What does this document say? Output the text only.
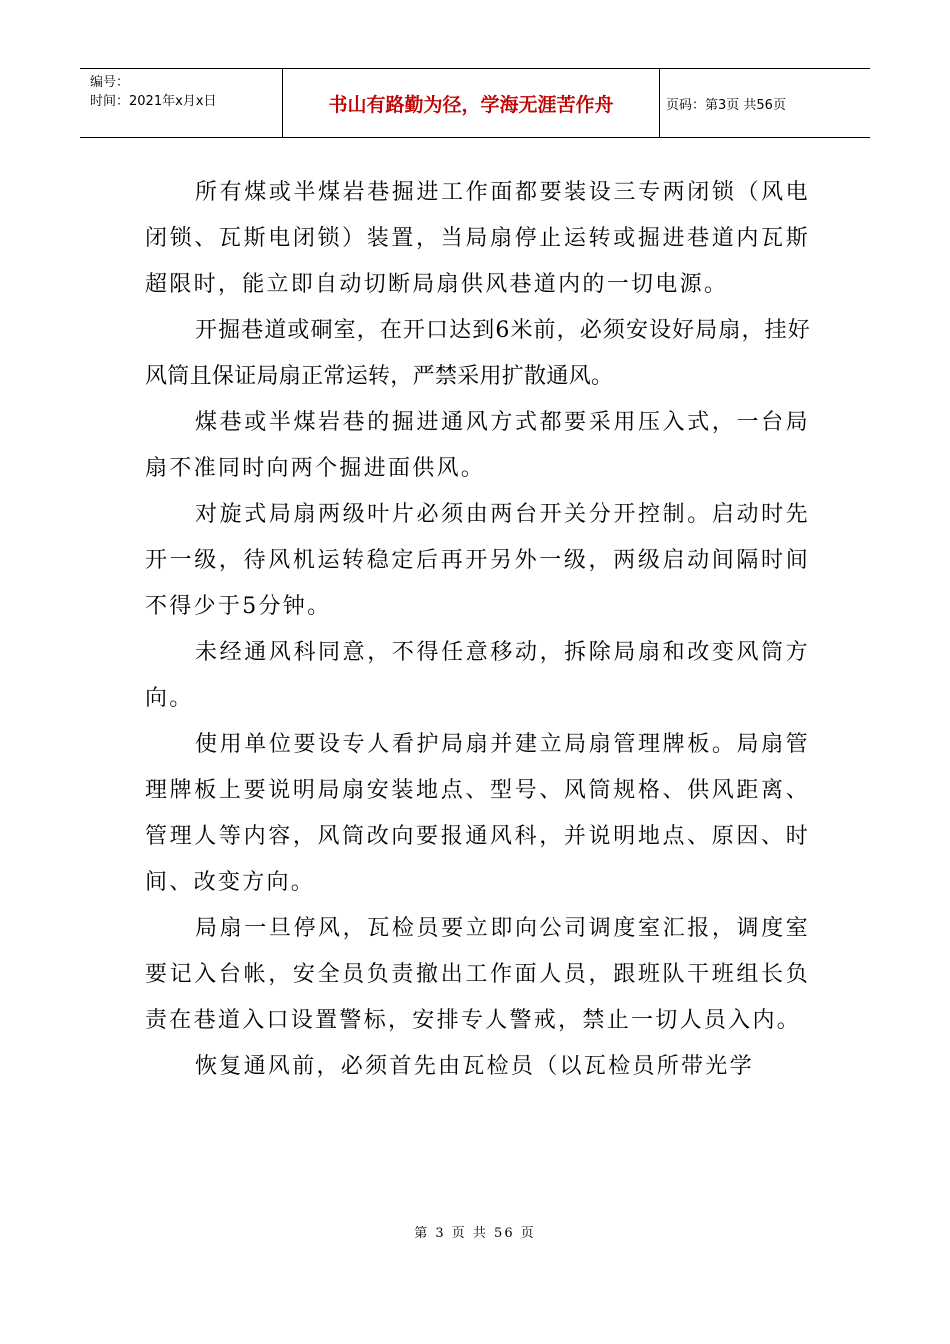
编号：
时间：2021年x月x日	书山有路勤为径，学海无涯苦作舟	页码：第3页 共56页

所有煤或半煤岩巷掘进工作面都要装设三专两闭锁（风电闭锁、瓦斯电闭锁）装置，当局扇停止运转或掘进巷道内瓦斯超限时，能立即自动切断局扇供风巷道内的一切电源。

开掘巷道或硐室，在开口达到6米前，必须安设好局扇，挂好风筒且保证局扇正常运转，严禁采用扩散通风。

煤巷或半煤岩巷的掘进通风方式都要采用压入式，一台局扇不准同时向两个掘进面供风。

对旋式局扇两级叶片必须由两台开关分开控制。启动时先开一级，待风机运转稳定后再开另外一级，两级启动间隔时间不得少于5分钟。

未经通风科同意，不得任意移动，拆除局扇和改变风筒方向。

使用单位要设专人看护局扇并建立局扇管理牌板。局扇管理牌板上要说明局扇安装地点、型号、风筒规格、供风距离、管理人等内容，风筒改向要报通风科，并说明地点、原因、时间、改变方向。

局扇一旦停风，瓦检员要立即向公司调度室汇报，调度室要记入台帐，安全员负责撤出工作面人员，跟班队干班组长负责在巷道入口设置警标，安排专人警戒，禁止一切人员入内。

恢复通风前，必须首先由瓦检员（以瓦检员所带光学

第 3 页 共 56 页
